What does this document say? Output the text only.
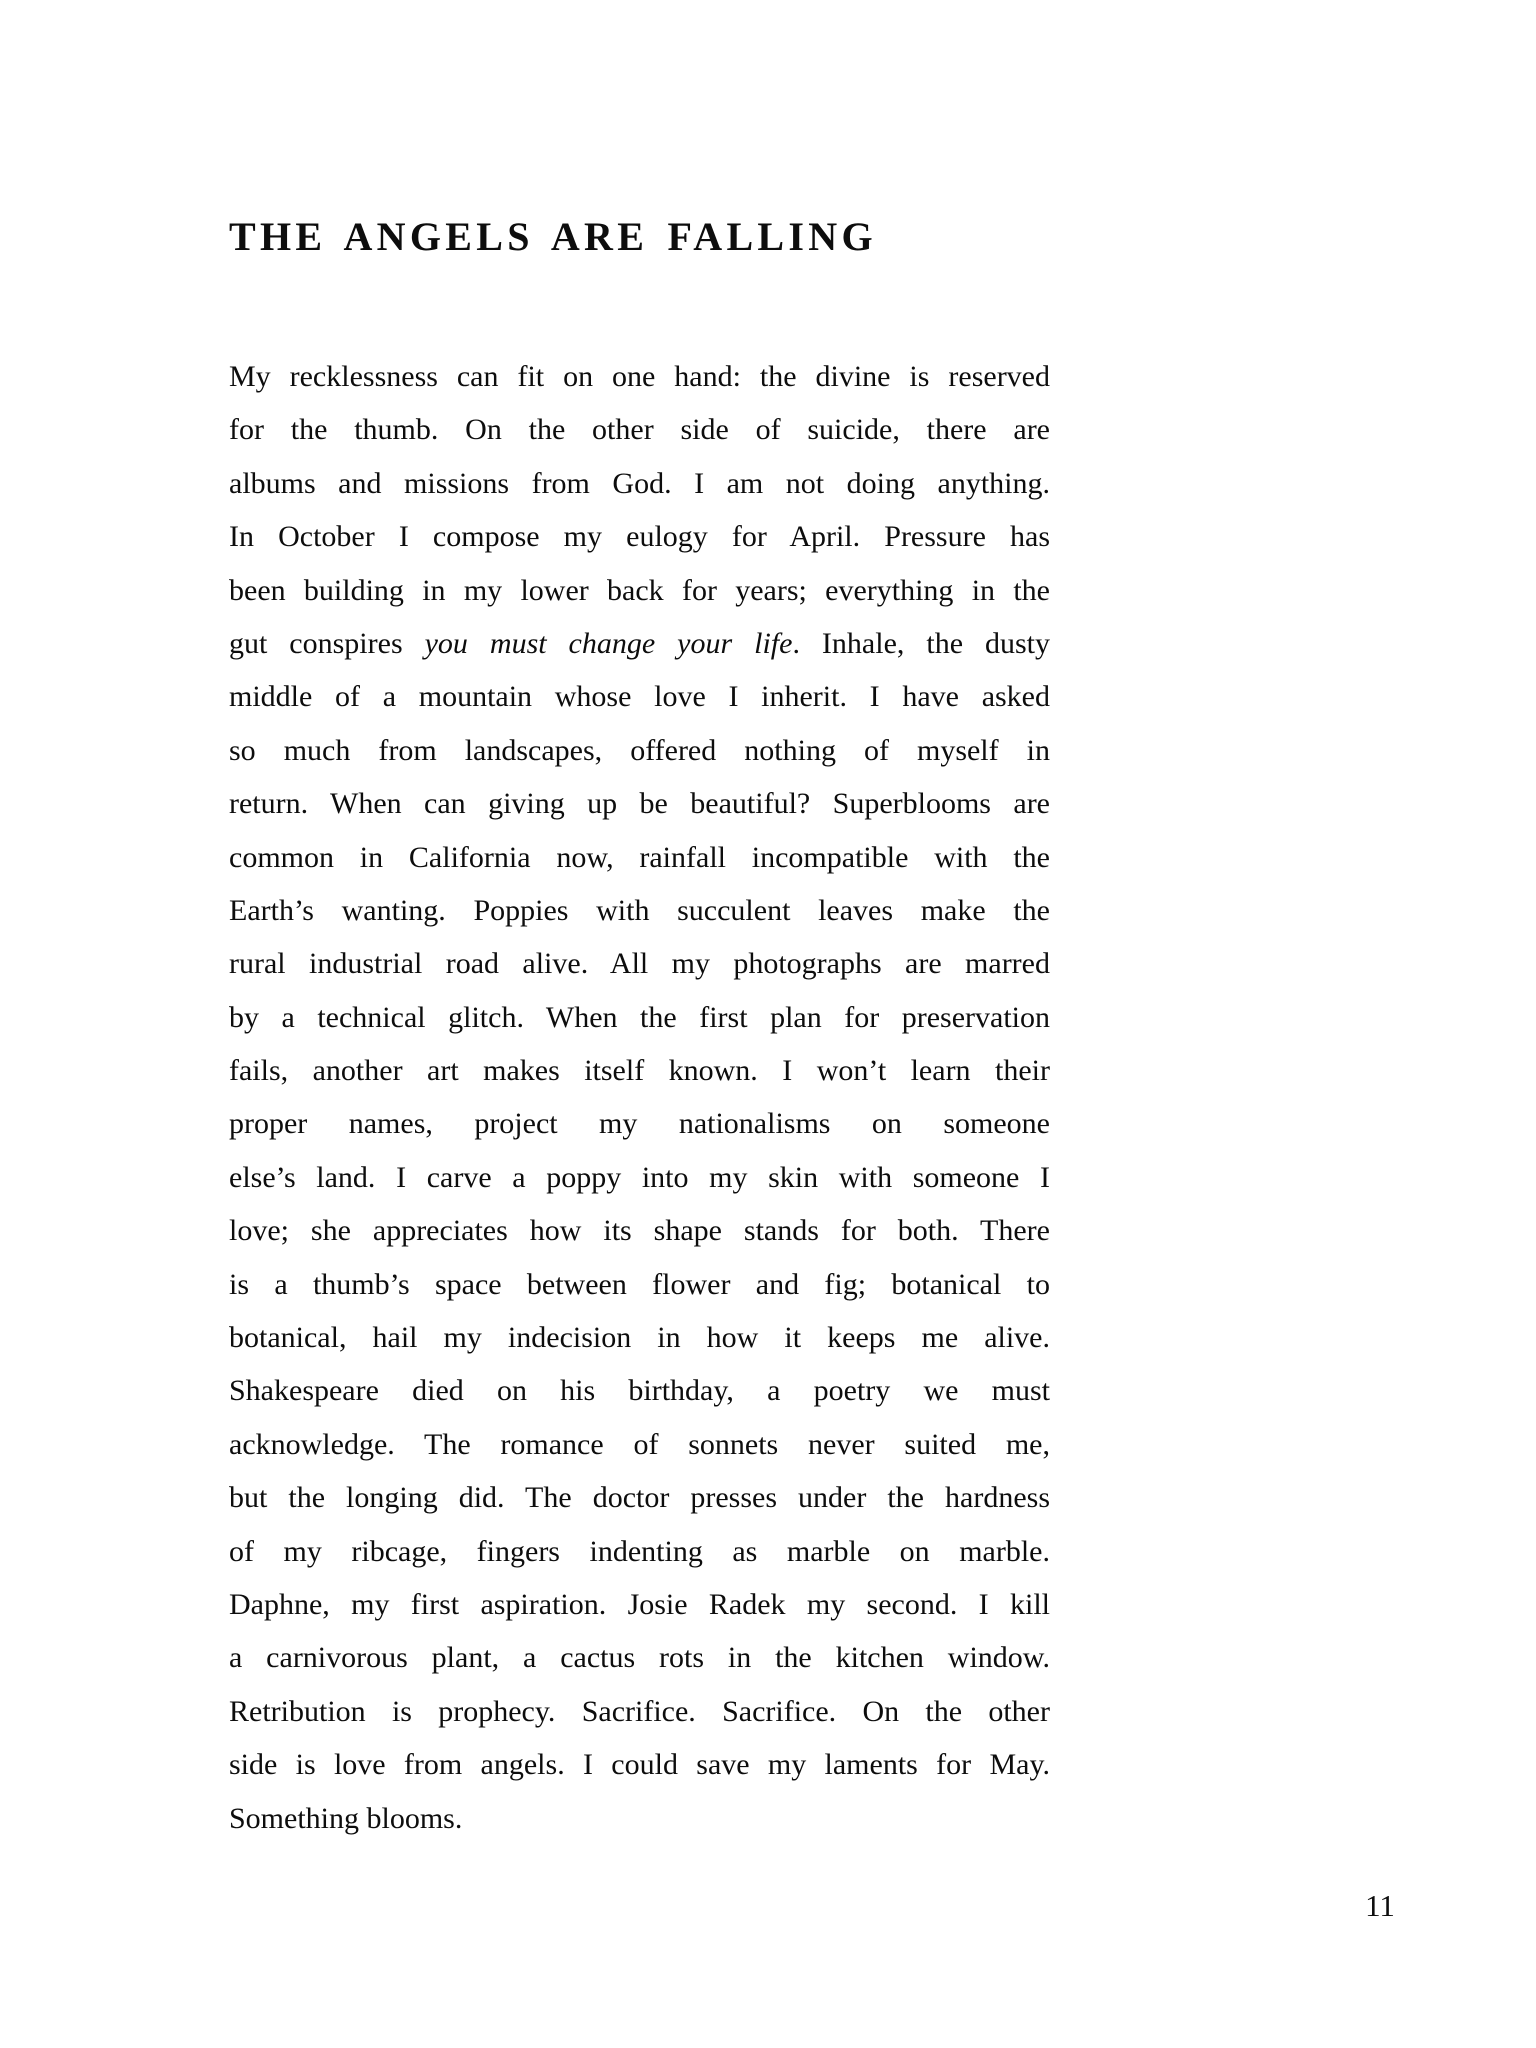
THE ANGELS ARE FALLING
My recklessness can fit on one hand: the divine is reserved
for the thumb. On the other side of suicide, there are
albums and missions from God. I am not doing anything.
In October I compose my eulogy for April. Pressure has
been building in my lower back for years; everything in the
gut conspires you must change your life. Inhale, the dusty
middle of a mountain whose love I inherit. I have asked
so much from landscapes, offered nothing of myself in
return. When can giving up be beautiful? Superblooms are
common in California now, rainfall incompatible with the
Earth’s wanting. Poppies with succulent leaves make the
rural industrial road alive. All my photographs are marred
by a technical glitch. When the first plan for preservation
fails, another art makes itself known. I won’t learn their
proper names, project my nationalisms on someone
else’s land. I carve a poppy into my skin with someone I
love; she appreciates how its shape stands for both. There
is a thumb’s space between flower and fig; botanical to
botanical, hail my indecision in how it keeps me alive.
Shakespeare died on his birthday, a poetry we must
acknowledge. The romance of sonnets never suited me,
but the longing did. The doctor presses under the hardness
of my ribcage, fingers indenting as marble on marble.
Daphne, my first aspiration. Josie Radek my second. I kill
a carnivorous plant, a cactus rots in the kitchen window.
Retribution is prophecy. Sacrifice. Sacrifice. On the other
side is love from angels. I could save my laments for May.
Something blooms.
11
